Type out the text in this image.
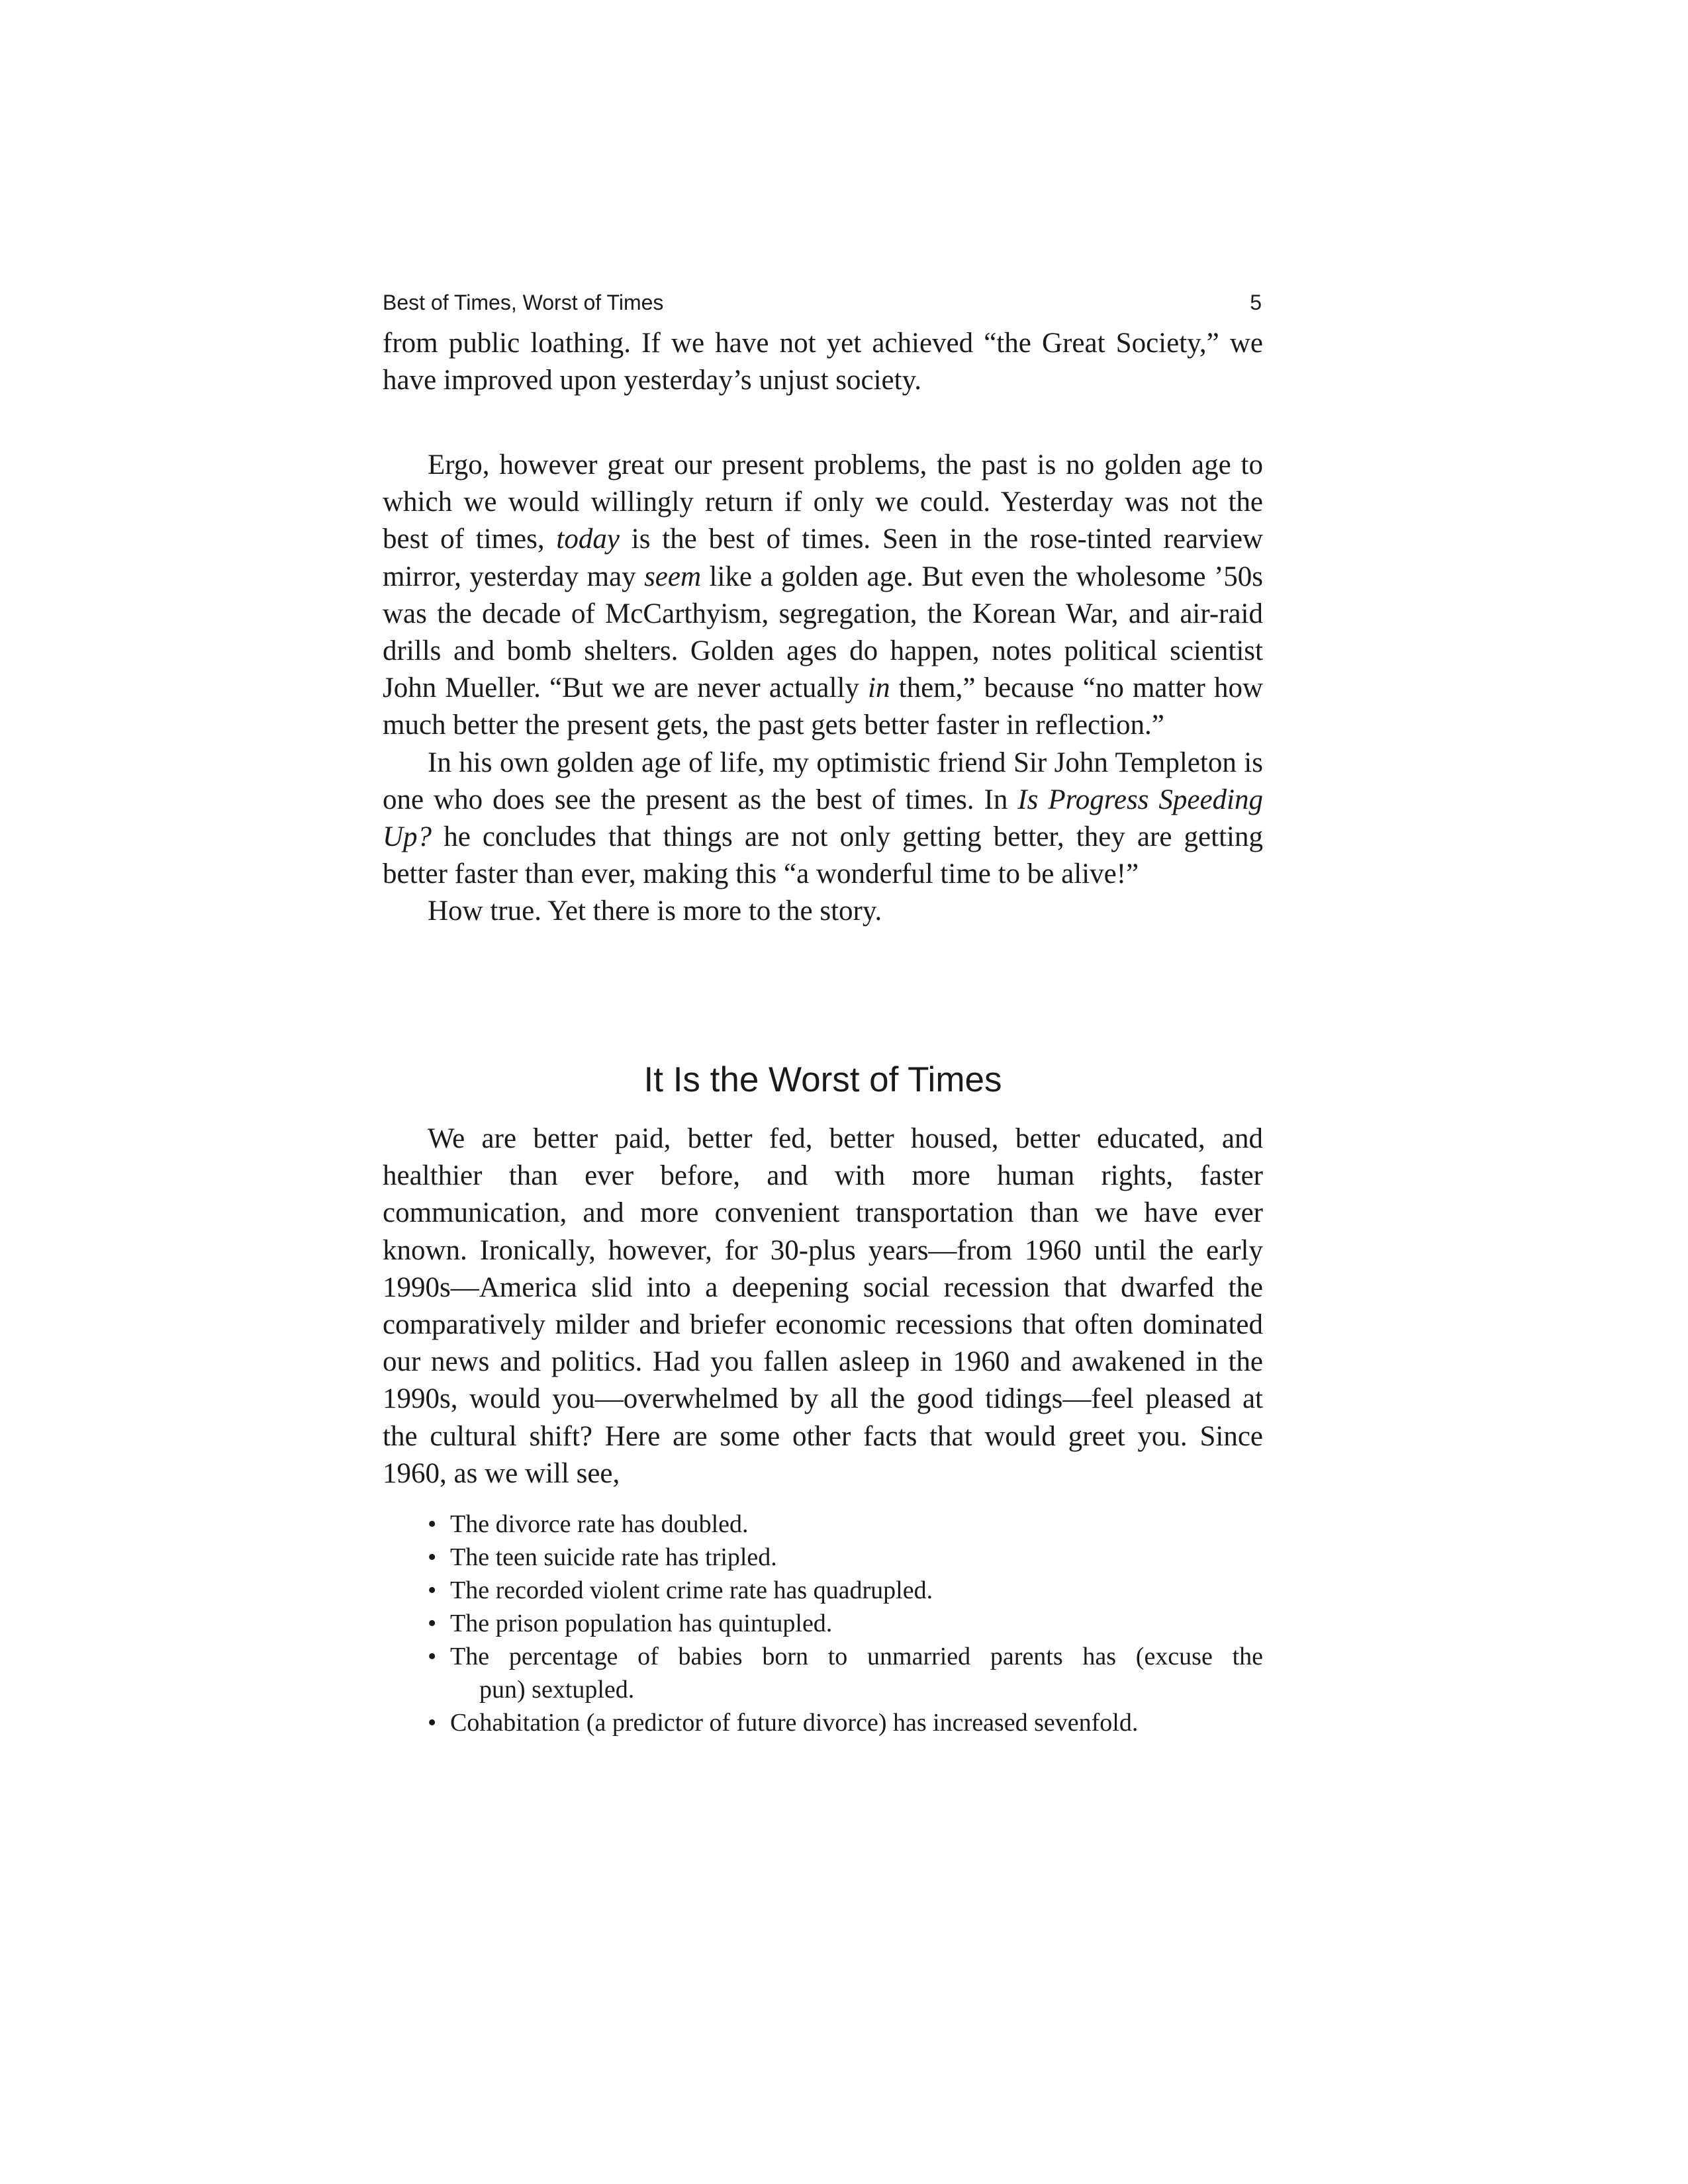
Best of Times, Worst of Times	5

from public loathing. If we have not yet achieved “the Great Society,” we have improved upon yesterday’s unjust society.

Ergo, however great our present problems, the past is no golden age to which we would willingly return if only we could. Yesterday was not the best of times, today is the best of times. Seen in the rose-tinted rearview mirror, yesterday may seem like a golden age. But even the wholesome ’50s was the decade of McCarthyism, segregation, the Korean War, and air-raid drills and bomb shelters. Golden ages do happen, notes political scientist John Mueller. “But we are never actually in them,” because “no matter how much better the present gets, the past gets better faster in reflection.”

In his own golden age of life, my optimistic friend Sir John Templeton is one who does see the present as the best of times. In Is Progress Speeding Up? he concludes that things are not only getting better, they are getting better faster than ever, making this “a wonderful time to be alive!”

How true. Yet there is more to the story.

It Is the Worst of Times

We are better paid, better fed, better housed, better educated, and healthier than ever before, and with more human rights, faster communication, and more convenient transportation than we have ever known. Ironically, however, for 30-plus years—from 1960 until the early 1990s—America slid into a deepening social recession that dwarfed the comparatively milder and briefer economic recessions that often dominated our news and politics. Had you fallen asleep in 1960 and awakened in the 1990s, would you—overwhelmed by all the good tidings—feel pleased at the cultural shift? Here are some other facts that would greet you. Since 1960, as we will see,

• The divorce rate has doubled.
• The teen suicide rate has tripled.
• The recorded violent crime rate has quadrupled.
• The prison population has quintupled.
• The percentage of babies born to unmarried parents has (excuse the
pun) sextupled.
• Cohabitation (a predictor of future divorce) has increased sevenfold.
